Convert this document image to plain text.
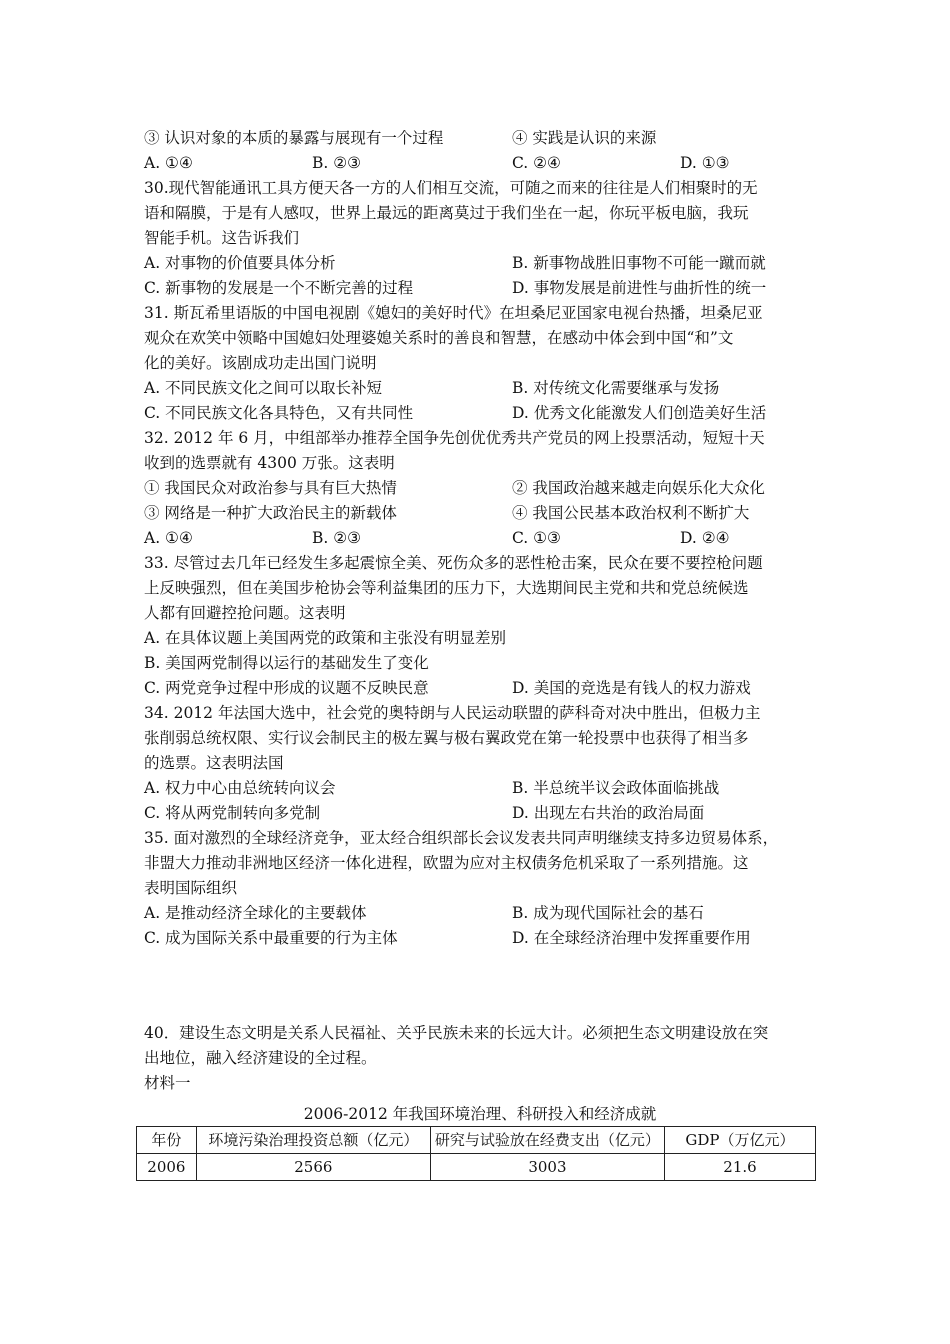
③ 认识对象的本质的暴露与展现有一个过程	④ 实践是认识的来源
A. ①④	B. ②③	C. ②④	D. ①③
30.现代智能通讯工具方便天各一方的人们相互交流，可随之而来的往往是人们相聚时的无
语和隔膜，于是有人感叹，世界上最远的距离莫过于我们坐在一起，你玩平板电脑，我玩
智能手机。这告诉我们
A. 对事物的价值要具体分析	B. 新事物战胜旧事物不可能一蹴而就
C. 新事物的发展是一个不断完善的过程	D. 事物发展是前进性与曲折性的统一
31. 斯瓦希里语版的中国电视剧《媳妇的美好时代》在坦桑尼亚国家电视台热播，坦桑尼亚
观众在欢笑中领略中国媳妇处理婆媳关系时的善良和智慧，在感动中体会到中国“和”文
化的美好。该剧成功走出国门说明
A. 不同民族文化之间可以取长补短	B. 对传统文化需要继承与发扬
C. 不同民族文化各具特色，又有共同性	D. 优秀文化能激发人们创造美好生活
32. 2012 年 6 月，中组部举办推荐全国争先创优优秀共产党员的网上投票活动，短短十天
收到的选票就有 4300 万张。这表明
① 我国民众对政治参与具有巨大热情	② 我国政治越来越走向娱乐化大众化
③ 网络是一种扩大政治民主的新载体	④ 我国公民基本政治权利不断扩大
A. ①④	B. ②③	C. ①③	D. ②④
33. 尽管过去几年已经发生多起震惊全美、死伤众多的恶性枪击案，民众在要不要控枪问题
上反映强烈，但在美国步枪协会等利益集团的压力下，大选期间民主党和共和党总统候选
人都有回避控抢问题。这表明
A. 在具体议题上美国两党的政策和主张没有明显差别
B. 美国两党制得以运行的基础发生了变化
C. 两党竞争过程中形成的议题不反映民意	D. 美国的竞选是有钱人的权力游戏
34. 2012 年法国大选中，社会党的奥特朗与人民运动联盟的萨科奇对决中胜出，但极力主
张削弱总统权限、实行议会制民主的极左翼与极右翼政党在第一轮投票中也获得了相当多
的选票。这表明法国
A. 权力中心由总统转向议会	B. 半总统半议会政体面临挑战
C. 将从两党制转向多党制	D. 出现左右共治的政治局面
35. 面对激烈的全球经济竞争，亚太经合组织部长会议发表共同声明继续支持多边贸易体系，
非盟大力推动非洲地区经济一体化进程，欧盟为应对主权债务危机采取了一系列措施。这
表明国际组织
A. 是推动经济全球化的主要载体	B. 成为现代国际社会的基石
C. 成为国际关系中最重要的行为主体	D. 在全球经济治理中发挥重要作用
40．建设生态文明是关系人民福祉、关乎民族未来的长远大计。必须把生态文明建设放在突
出地位，融入经济建设的全过程。
材料一
2006-2012 年我国环境治理、科研投入和经济成就
年份	环境污染治理投资总额（亿元）	研究与试验放在经费支出（亿元）	GDP（万亿元）
2006	2566	3003	21.6
